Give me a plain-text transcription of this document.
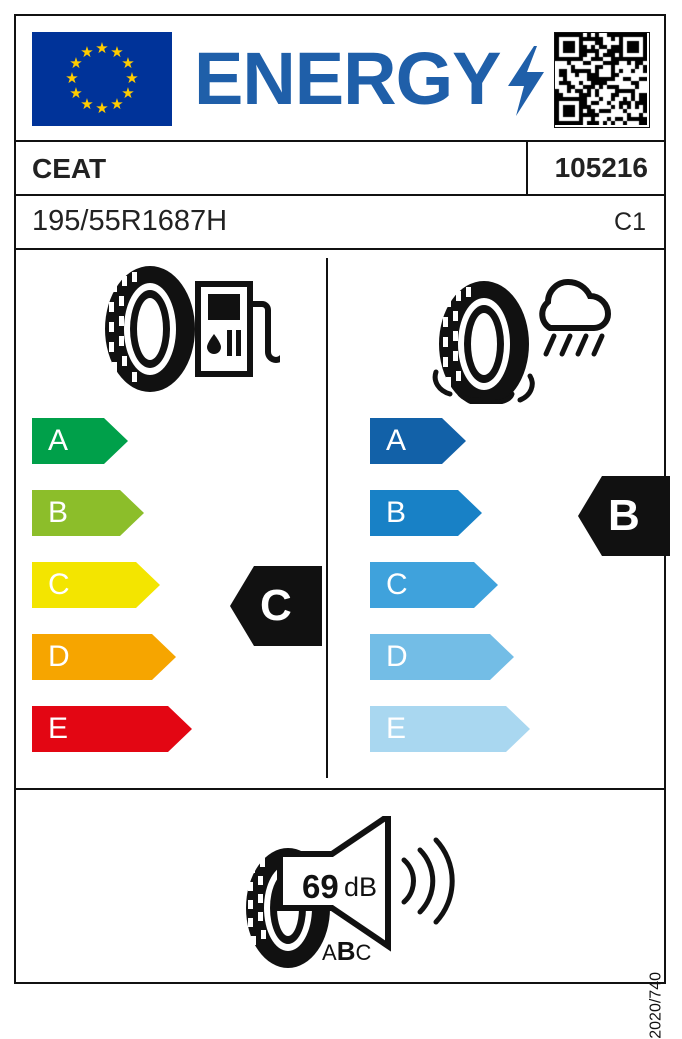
★ ★
★
★
★
★
★
★
★
★
★
★ ENERGY
CEAT	105216
195/55R1687H	C1
A
B
C
D
E
C
A
B
C
D
E
B
69 dB
ABC
2020/740
